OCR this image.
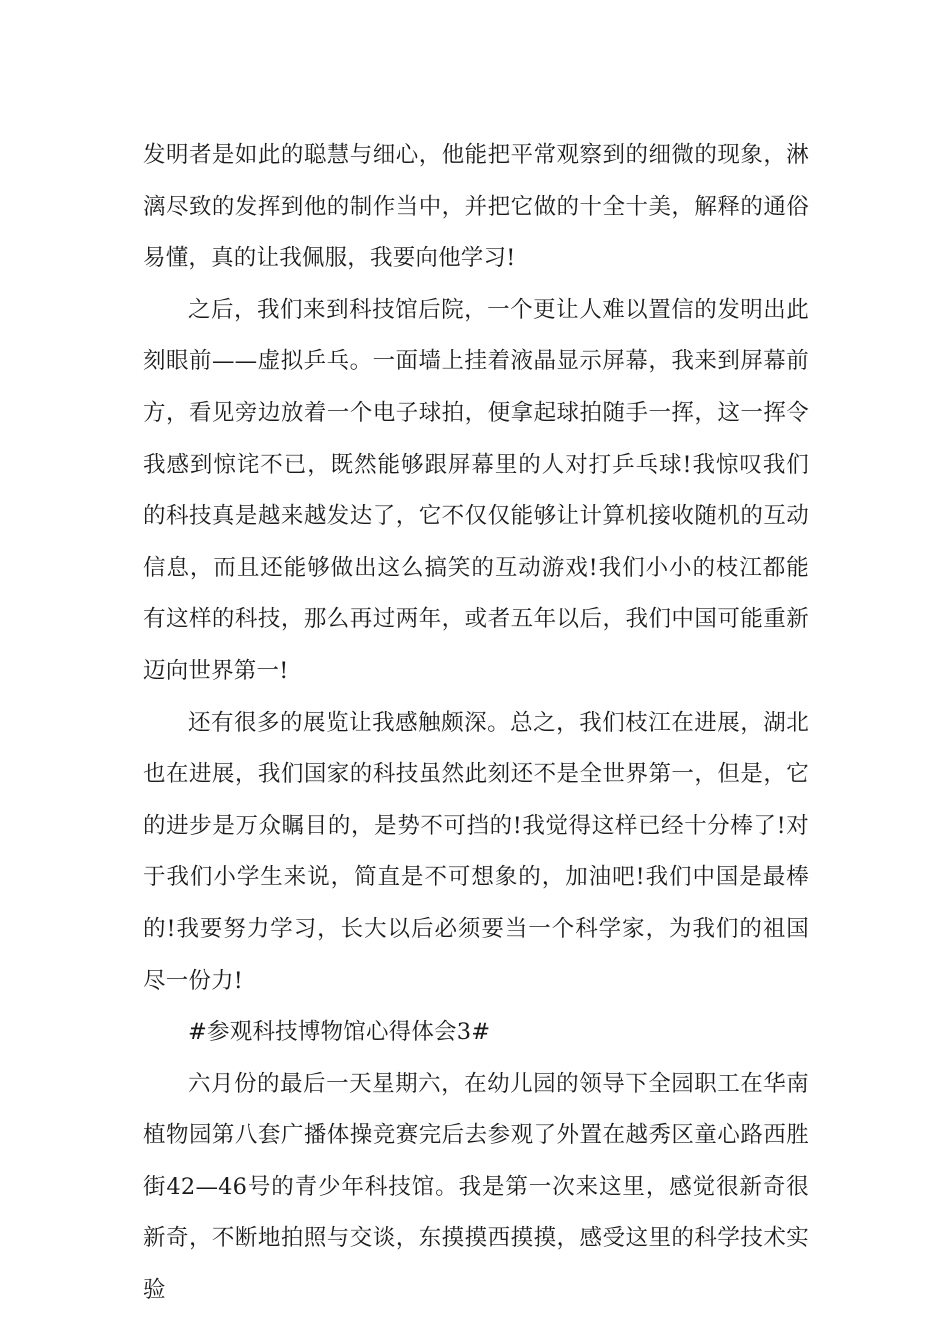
发明者是如此的聪慧与细心，他能把平常观察到的细微的现象，淋漓尽致的发挥到他的制作当中，并把它做的十全十美，解释的通俗易懂，真的让我佩服，我要向他学习!

之后，我们来到科技馆后院，一个更让人难以置信的发明出此刻眼前——虚拟乒乓。一面墙上挂着液晶显示屏幕，我来到屏幕前方，看见旁边放着一个电子球拍，便拿起球拍随手一挥，这一挥令我感到惊诧不已，既然能够跟屏幕里的人对打乒乓球!我惊叹我们的科技真是越来越发达了，它不仅仅能够让计算机接收随机的互动信息，而且还能够做出这么搞笑的互动游戏!我们小小的枝江都能有这样的科技，那么再过两年，或者五年以后，我们中国可能重新迈向世界第一!

还有很多的展览让我感触颇深。总之，我们枝江在进展，湖北也在进展，我们国家的科技虽然此刻还不是全世界第一，但是，它的进步是万众瞩目的，是势不可挡的!我觉得这样已经十分棒了!对于我们小学生来说，简直是不可想象的，加油吧!我们中国是最棒的!我要努力学习，长大以后必须要当一个科学家，为我们的祖国尽一份力!

#参观科技博物馆心得体会3#

六月份的最后一天星期六，在幼儿园的领导下全园职工在华南植物园第八套广播体操竞赛完后去参观了外置在越秀区童心路西胜街42—46号的青少年科技馆。我是第一次来这里，感觉很新奇很新奇，不断地拍照与交谈，东摸摸西摸摸，感受这里的科学技术实验
